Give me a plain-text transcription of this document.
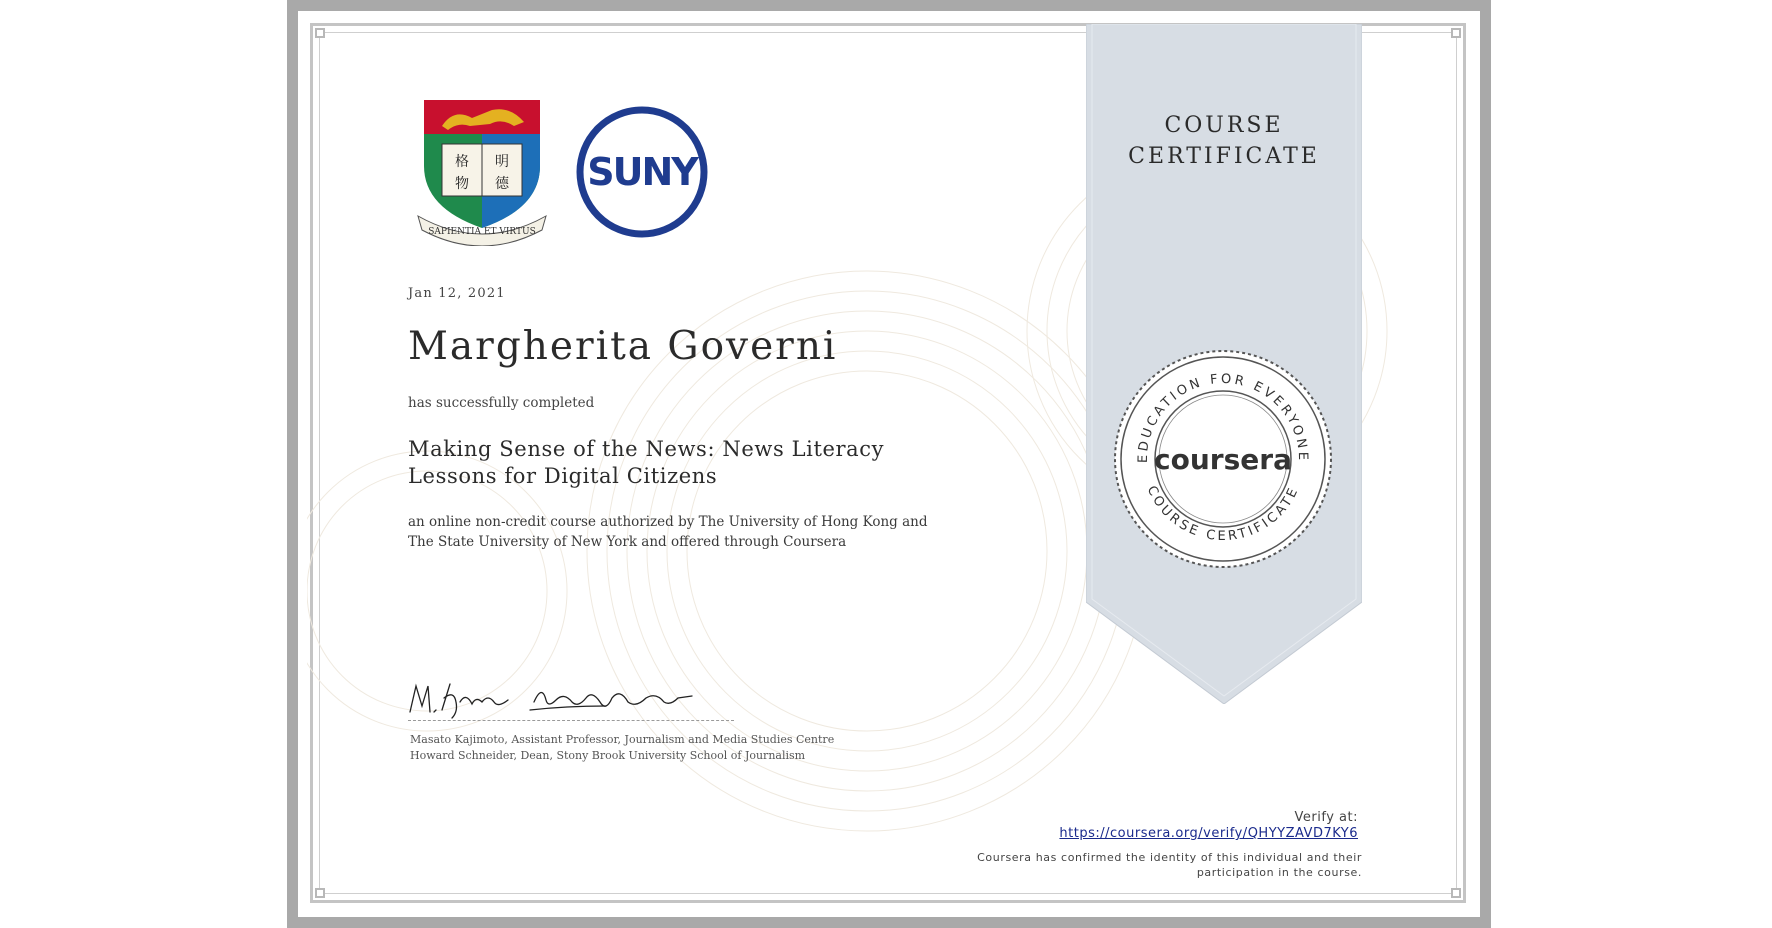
COURSE
CERTIFICATE
EDUCATION FOR EVERYONE
COURSE CERTIFICATE
coursera
格
物
明
德
SAPIENTIA ET VIRTUS
SUNY
Jan 12, 2021
Margherita Governi
has successfully completed
Making Sense of the News: News Literacy Lessons for Digital Citizens
an online non-credit course authorized by The University of Hong Kong and The State University of New York and offered through Coursera
Masato Kajimoto, Assistant Professor, Journalism and Media Studies Centre
Howard Schneider, Dean, Stony Brook University School of Journalism
Verify at:
https://coursera.org/verify/QHYYZAVD7KY6
Coursera has confirmed the identity of this individual and their participation in the course.
